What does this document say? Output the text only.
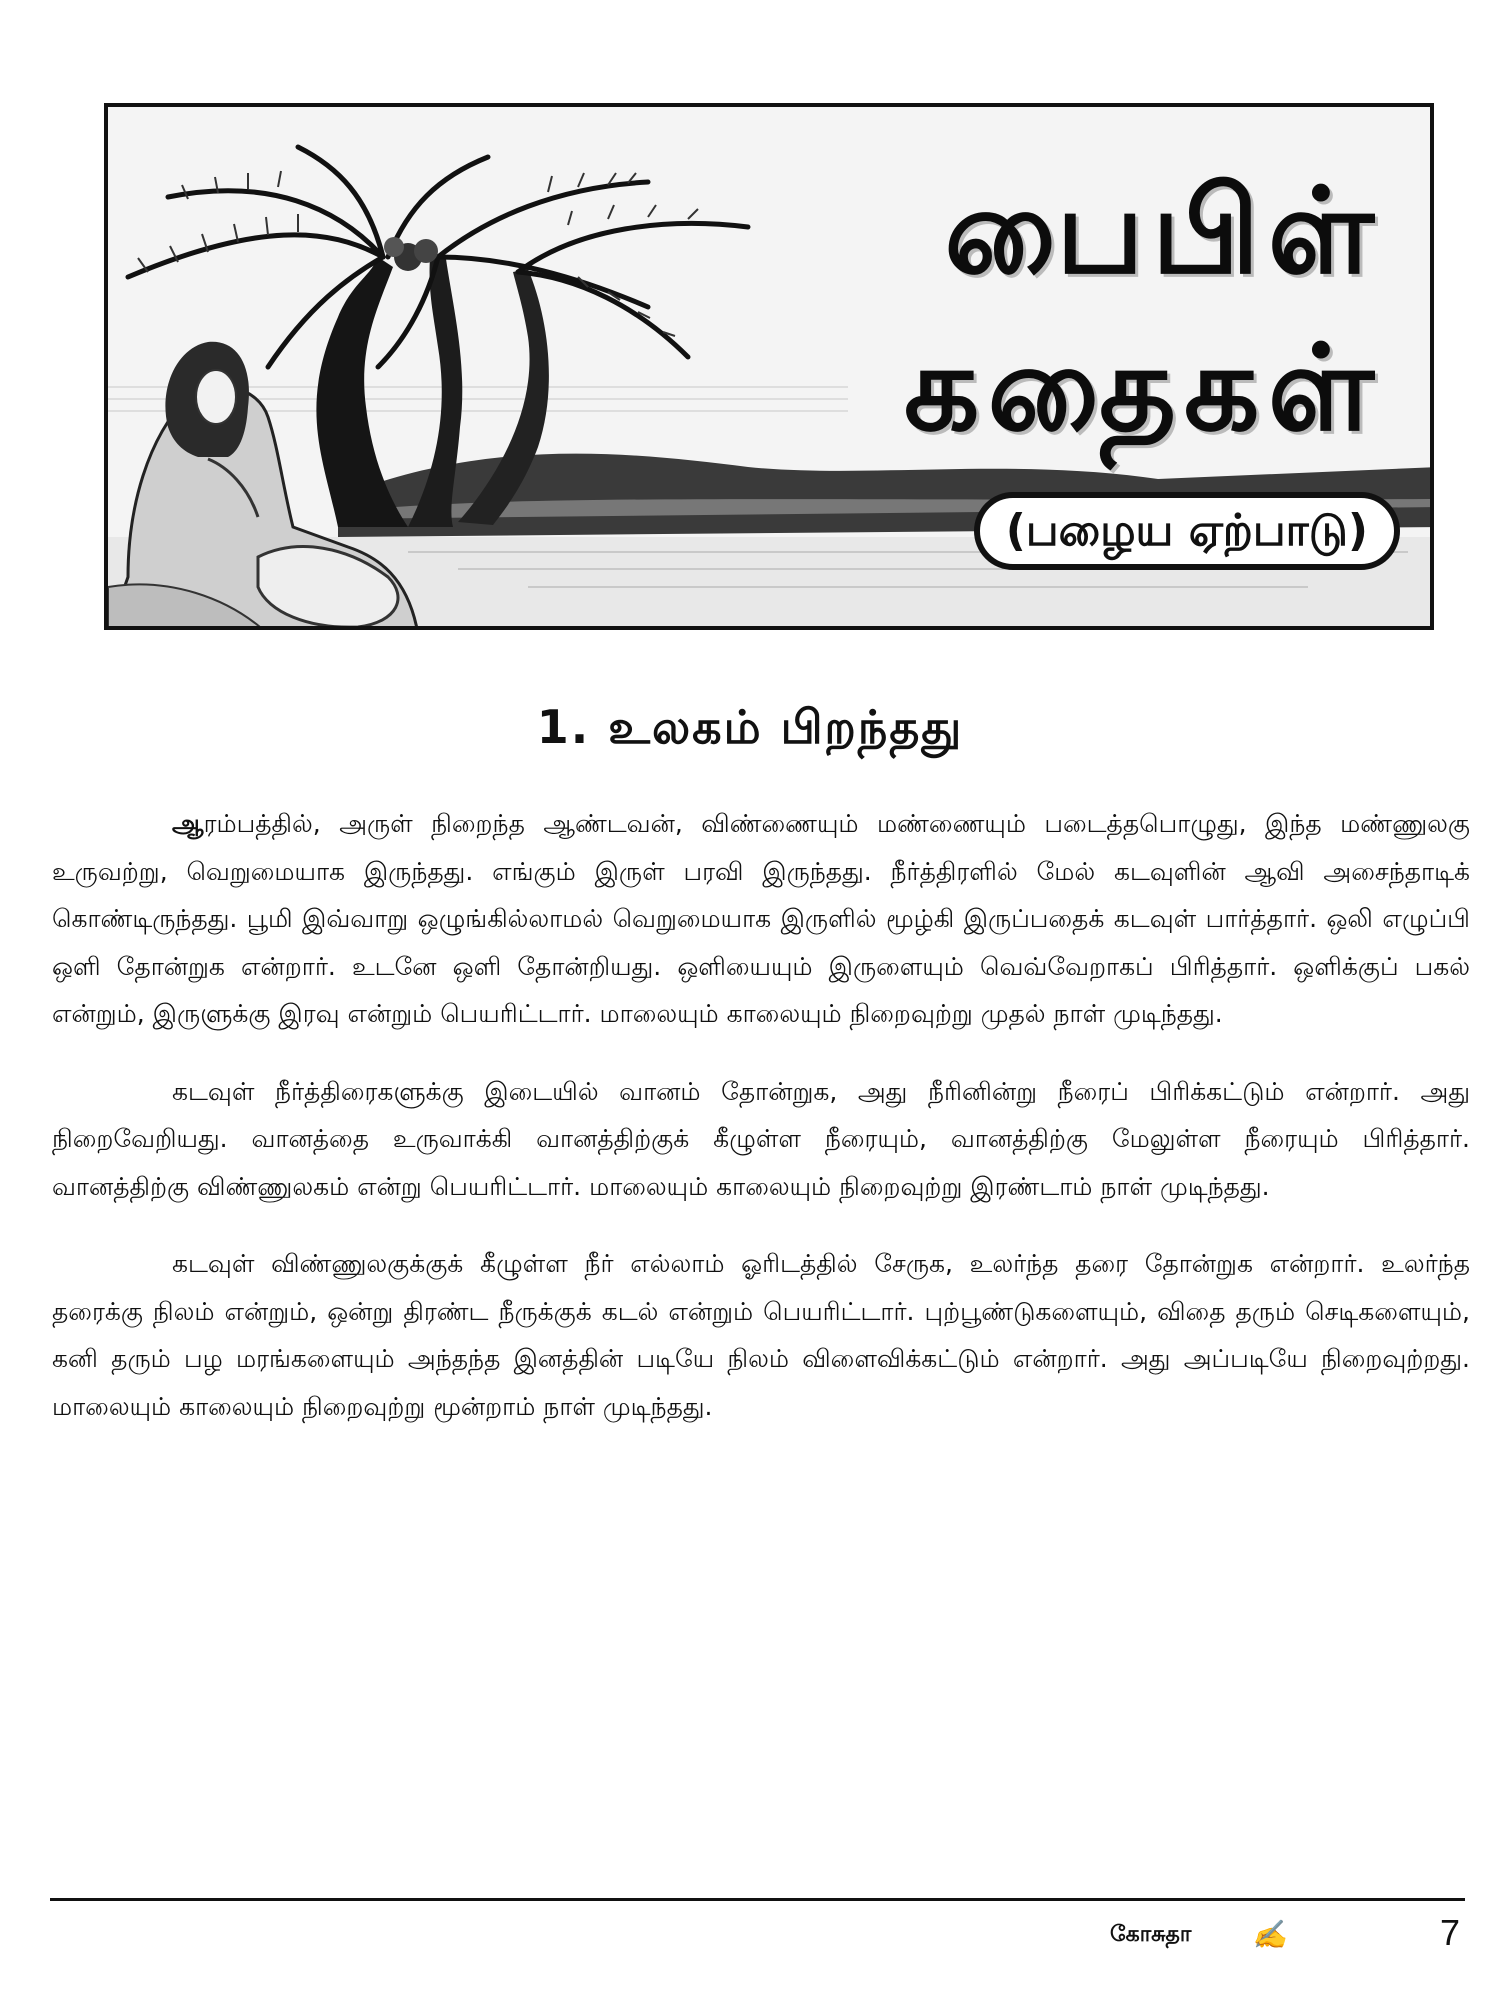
பைபிள்
கதைகள்
(பழைய ஏற்பாடு)
1. உலகம் பிறந்தது

ஆரம்பத்தில், அருள் நிறைந்த ஆண்டவன், விண்ணையும் மண்ணையும் படைத்தபொழுது, இந்த மண்ணுலகு உருவற்று, வெறுமையாக இருந்தது. எங்கும் இருள் பரவி இருந்தது. நீர்த்திரளில் மேல் கடவுளின் ஆவி அசைந்தாடிக் கொண்டிருந்தது. பூமி இவ்வாறு ஒழுங்கில்லாமல் வெறுமையாக இருளில் மூழ்கி இருப்பதைக் கடவுள் பார்த்தார். ஒலி எழுப்பி ஒளி தோன்றுக என்றார். உடனே ஒளி தோன்றியது. ஒளியையும் இருளையும் வெவ்வேறாகப் பிரித்தார். ஒளிக்குப் பகல் என்றும், இருளுக்கு இரவு என்றும் பெயரிட்டார். மாலையும் காலையும் நிறைவுற்று முதல் நாள் முடிந்தது.

கடவுள் நீர்த்திரைகளுக்கு இடையில் வானம் தோன்றுக, அது நீரினின்று நீரைப் பிரிக்கட்டும் என்றார். அது நிறைவேறியது. வானத்தை உருவாக்கி வானத்திற்குக் கீழுள்ள நீரையும், வானத்திற்கு மேலுள்ள நீரையும் பிரித்தார். வானத்திற்கு விண்ணுலகம் என்று பெயரிட்டார். மாலையும் காலையும் நிறைவுற்று இரண்டாம் நாள் முடிந்தது.

கடவுள் விண்ணுலகுக்குக் கீழுள்ள நீர் எல்லாம் ஓரிடத்தில் சேருக, உலர்ந்த தரை தோன்றுக என்றார். உலர்ந்த தரைக்கு நிலம் என்றும், ஒன்று திரண்ட நீருக்குக் கடல் என்றும் பெயரிட்டார். புற்பூண்டுகளையும், விதை தரும் செடிகளையும், கனி தரும் பழ மரங்களையும் அந்தந்த இனத்தின் படியே நிலம் விளைவிக்கட்டும் என்றார். அது அப்படியே நிறைவுற்றது. மாலையும் காலையும் நிறைவுற்று மூன்றாம் நாள் முடிந்தது.

கோசுதா ✍	7
